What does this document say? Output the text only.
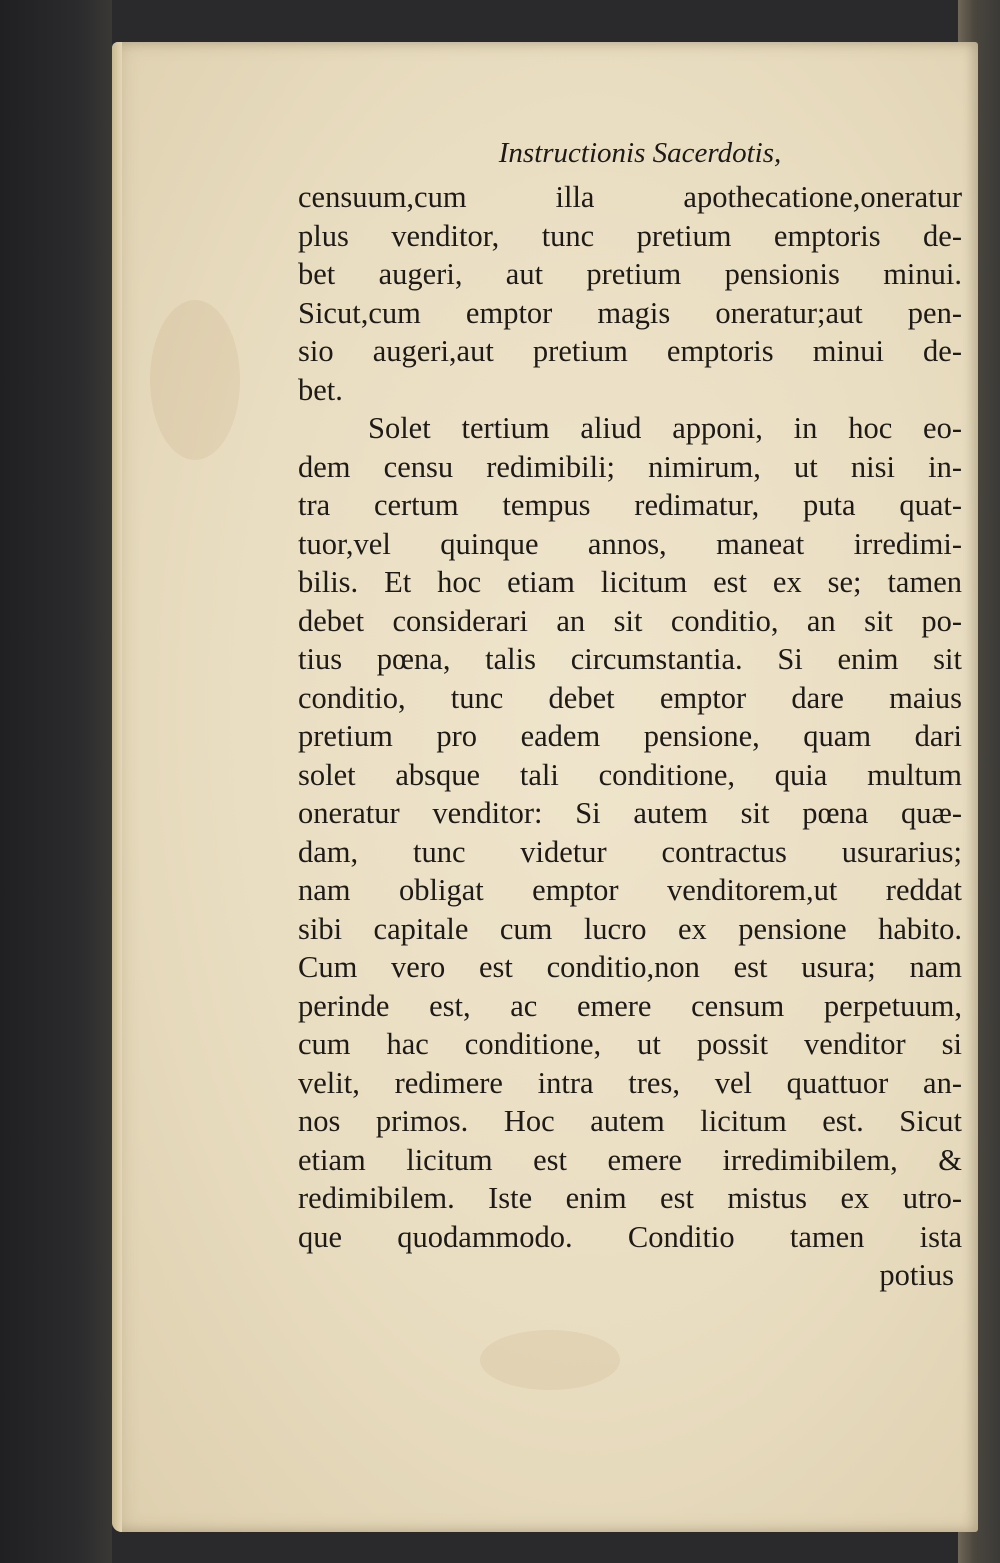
Instructionis Sacerdotis,
censuum,cum illa apothecatione,oneratur
plus venditor, tunc pretium emptoris de-
bet augeri, aut pretium pensionis minui.
Sicut,cum emptor magis oneratur;aut pen-
sio augeri,aut pretium emptoris minui de-
bet.
Solet tertium aliud apponi, in hoc eo-
dem censu redimibili; nimirum, ut nisi in-
tra certum tempus redimatur, puta quat-
tuor,vel quinque annos, maneat irredimi-
bilis. Et hoc etiam licitum est ex se; tamen
debet considerari an sit conditio, an sit po-
tius pœna, talis circumstantia. Si enim sit
conditio, tunc debet emptor dare maius
pretium pro eadem pensione, quam dari
solet absque tali conditione, quia multum
oneratur venditor: Si autem sit pœna quæ-
dam, tunc videtur contractus usurarius;
nam obligat emptor venditorem,ut reddat
sibi capitale cum lucro ex pensione habito.
Cum vero est conditio,non est usura; nam
perinde est, ac emere censum perpetuum,
cum hac conditione, ut possit venditor si
velit, redimere intra tres, vel quattuor an-
nos primos. Hoc autem licitum est. Sicut
etiam licitum est emere irredimibilem, &
redimibilem. Iste enim est mistus ex utro-
que quodammodo. Conditio tamen ista
potius
